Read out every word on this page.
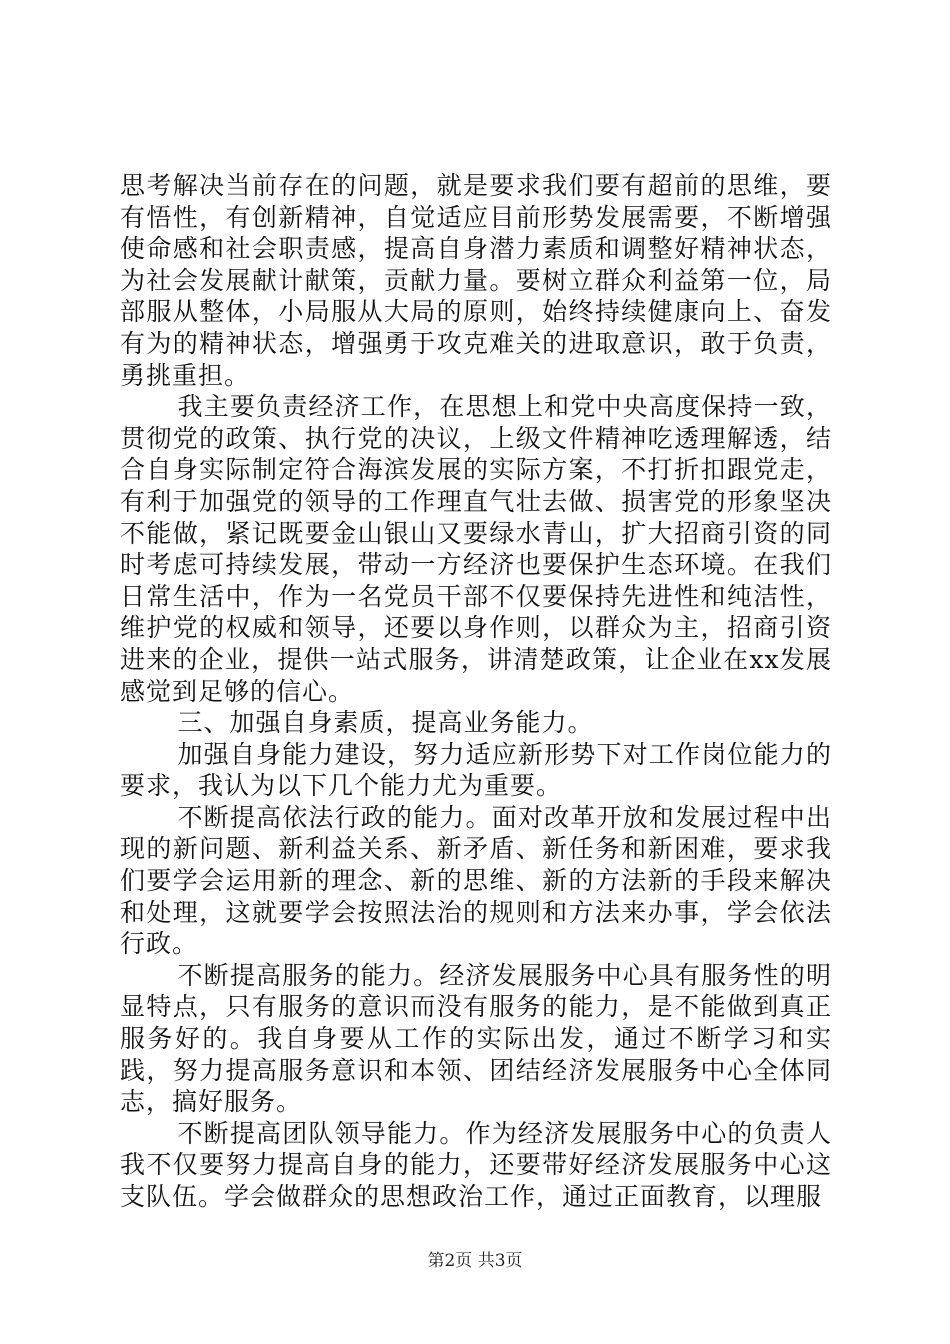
思考解决当前存在的问题，就是要求我们要有超前的思维，要有悟性，有创新精神，自觉适应目前形势发展需要，不断增强使命感和社会职责感，提高自身潜力素质和调整好精神状态，为社会发展献计献策，贡献力量。要树立群众利益第一位，局部服从整体，小局服从大局的原则，始终持续健康向上、奋发有为的精神状态，增强勇于攻克难关的进取意识，敢于负责，勇挑重担。

我主要负责经济工作，在思想上和党中央高度保持一致，贯彻党的政策、执行党的决议，上级文件精神吃透理解透，结合自身实际制定符合海滨发展的实际方案，不打折扣跟党走，有利于加强党的领导的工作理直气壮去做、损害党的形象坚决不能做，紧记既要金山银山又要绿水青山，扩大招商引资的同时考虑可持续发展，带动一方经济也要保护生态环境。在我们日常生活中，作为一名党员干部不仅要保持先进性和纯洁性，维护党的权威和领导，还要以身作则，以群众为主，招商引资进来的企业，提供一站式服务，讲清楚政策，让企业在xx发展感觉到足够的信心。

三、加强自身素质，提高业务能力。

加强自身能力建设，努力适应新形势下对工作岗位能力的要求，我认为以下几个能力尤为重要。

不断提高依法行政的能力。面对改革开放和发展过程中出现的新问题、新利益关系、新矛盾、新任务和新困难，要求我们要学会运用新的理念、新的思维、新的方法新的手段来解决和处理，这就要学会按照法治的规则和方法来办事，学会依法行政。

不断提高服务的能力。经济发展服务中心具有服务性的明显特点，只有服务的意识而没有服务的能力，是不能做到真正服务好的。我自身要从工作的实际出发，通过不断学习和实践，努力提高服务意识和本领、团结经济发展服务中心全体同志，搞好服务。

不断提高团队领导能力。作为经济发展服务中心的负责人我不仅要努力提高自身的能力，还要带好经济发展服务中心这支队伍。学会做群众的思想政治工作，通过正面教育，以理服

第2页 共3页
